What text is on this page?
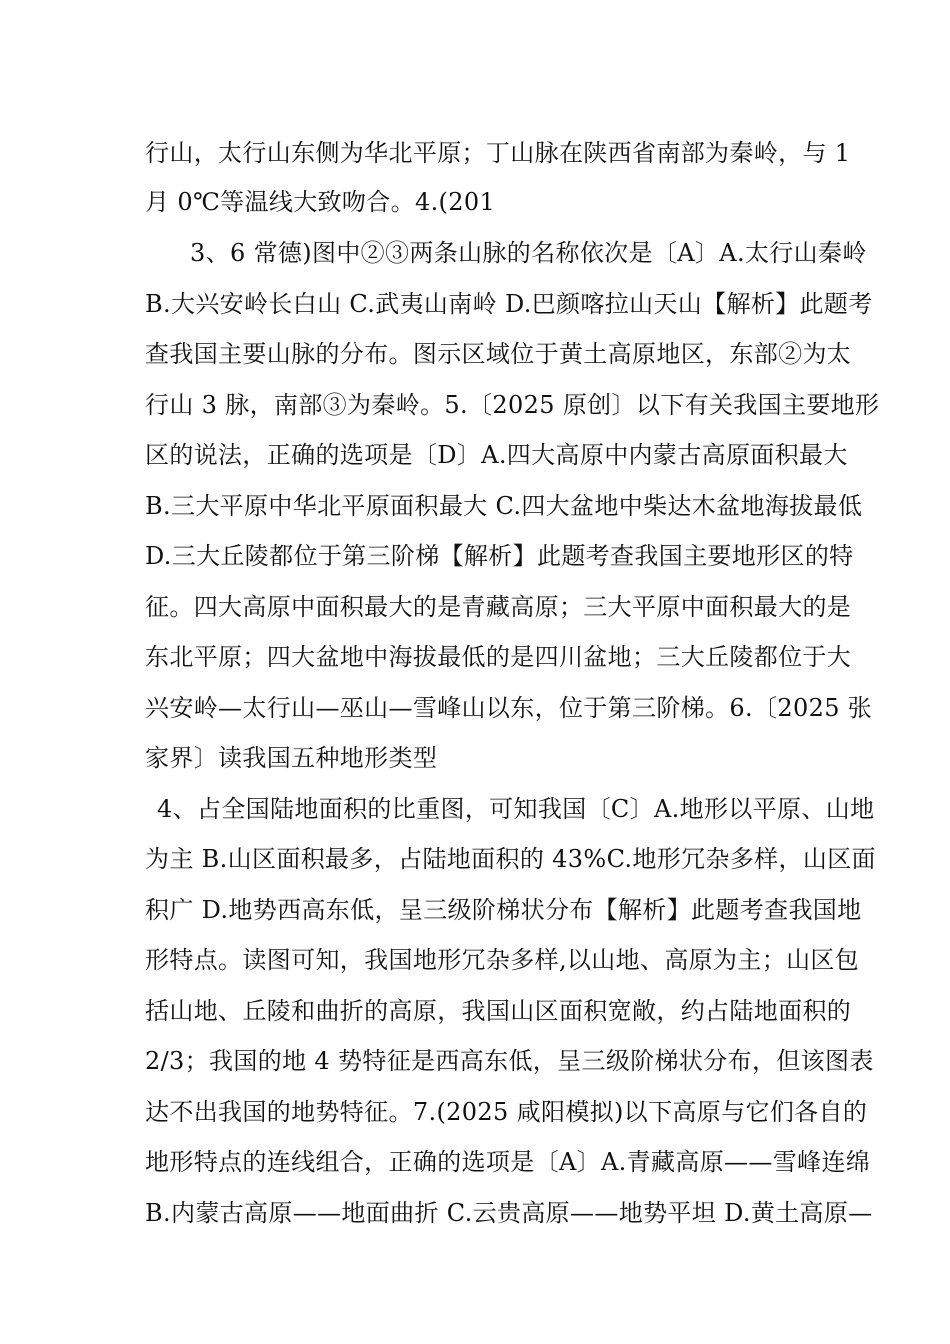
行山，太行山东侧为华北平原；丁山脉在陕西省南部为秦岭，与 1
月 0℃等温线大致吻合。4.(201
3、6 常德)图中②③两条山脉的名称依次是〔A〕A.太行山秦岭
B.大兴安岭长白山 C.武夷山南岭 D.巴颜喀拉山天山【解析】此题考
查我国主要山脉的分布。图示区域位于黄土高原地区，东部②为太
行山 3 脉，南部③为秦岭。5.〔2025 原创〕以下有关我国主要地形
区的说法，正确的选项是〔D〕A.四大高原中内蒙古高原面积最大
B.三大平原中华北平原面积最大 C.四大盆地中柴达木盆地海拔最低
D.三大丘陵都位于第三阶梯【解析】此题考查我国主要地形区的特
征。四大高原中面积最大的是青藏高原；三大平原中面积最大的是
东北平原；四大盆地中海拔最低的是四川盆地；三大丘陵都位于大
兴安岭—太行山—巫山—雪峰山以东，位于第三阶梯。6.〔2025 张
家界〕读我国五种地形类型
4、占全国陆地面积的比重图，可知我国〔C〕A.地形以平原、山地
为主 B.山区面积最多，占陆地面积的 43%C.地形冗杂多样，山区面
积广 D.地势西高东低，呈三级阶梯状分布【解析】此题考查我国地
形特点。读图可知，我国地形冗杂多样,以山地、高原为主；山区包
括山地、丘陵和曲折的高原，我国山区面积宽敞，约占陆地面积的
2/3；我国的地 4 势特征是西高东低，呈三级阶梯状分布，但该图表
达不出我国的地势特征。7.(2025 咸阳模拟)以下高原与它们各自的
地形特点的连线组合，正确的选项是〔A〕A.青藏高原——雪峰连绵
B.内蒙古高原——地面曲折 C.云贵高原——地势平坦 D.黄土高原—
